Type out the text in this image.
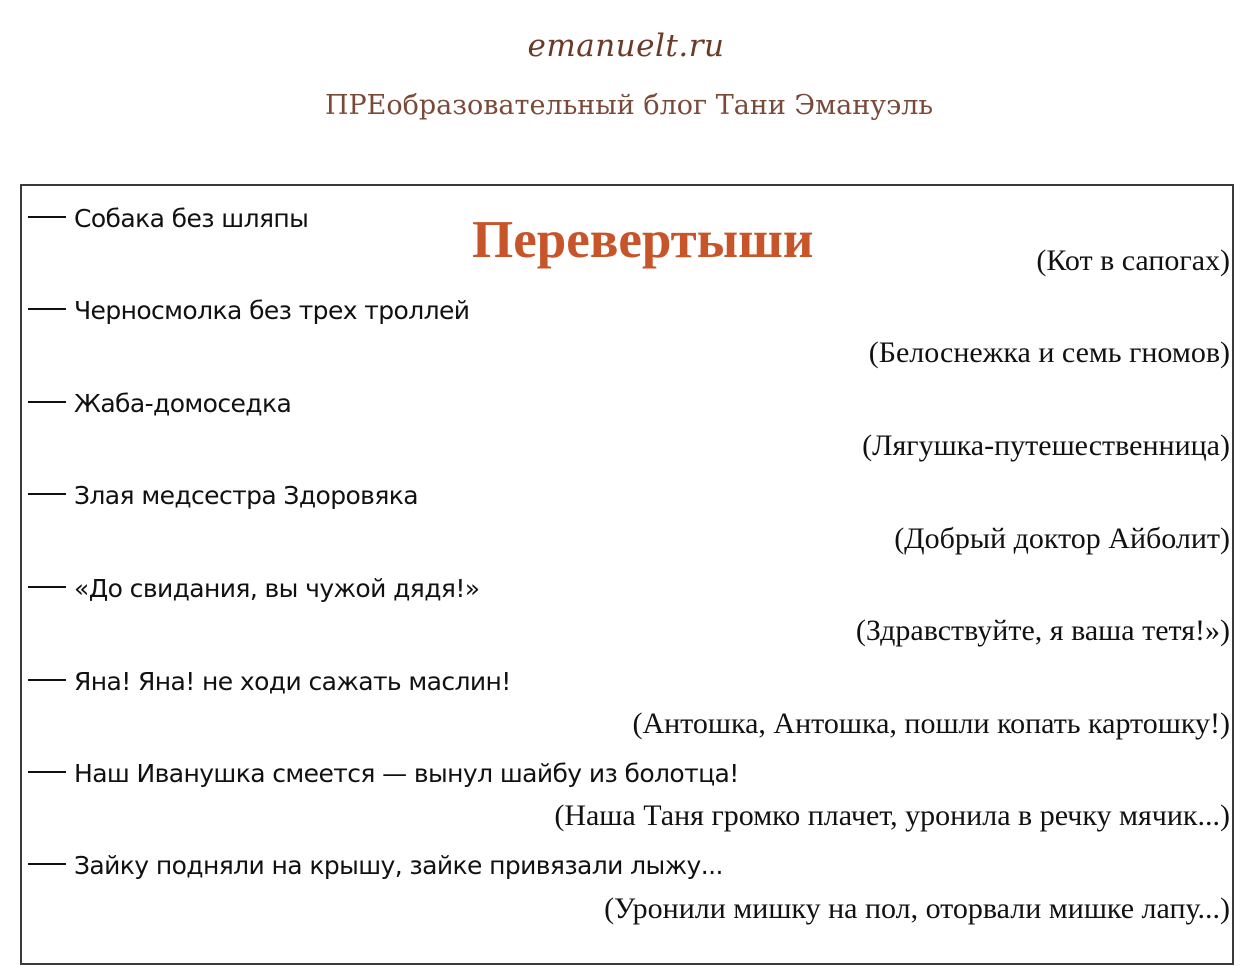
emanuelt.ru
ПРЕобразовательный блог Тани Эмануэль
Перевертыши
Собака без шляпы
(Кот в сапогах)
Черносмолка без трех троллей
(Белоснежка и семь гномов)
Жаба-домоседка
(Лягушка-путешественница)
Злая медсестра Здоровяка
(Добрый доктор Айболит)
«До свидания, вы чужой дядя!»
(Здравствуйте, я ваша тетя!»)
Яна! Яна! не ходи сажать маслин!
(Антошка, Антошка, пошли копать картошку!)
Наш Иванушка смеется — вынул шайбу из болотца!
(Наша Таня громко плачет, уронила в речку мячик...)
Зайку подняли на крышу, зайке привязали лыжу...
(Уронили мишку на пол, оторвали мишке лапу...)
